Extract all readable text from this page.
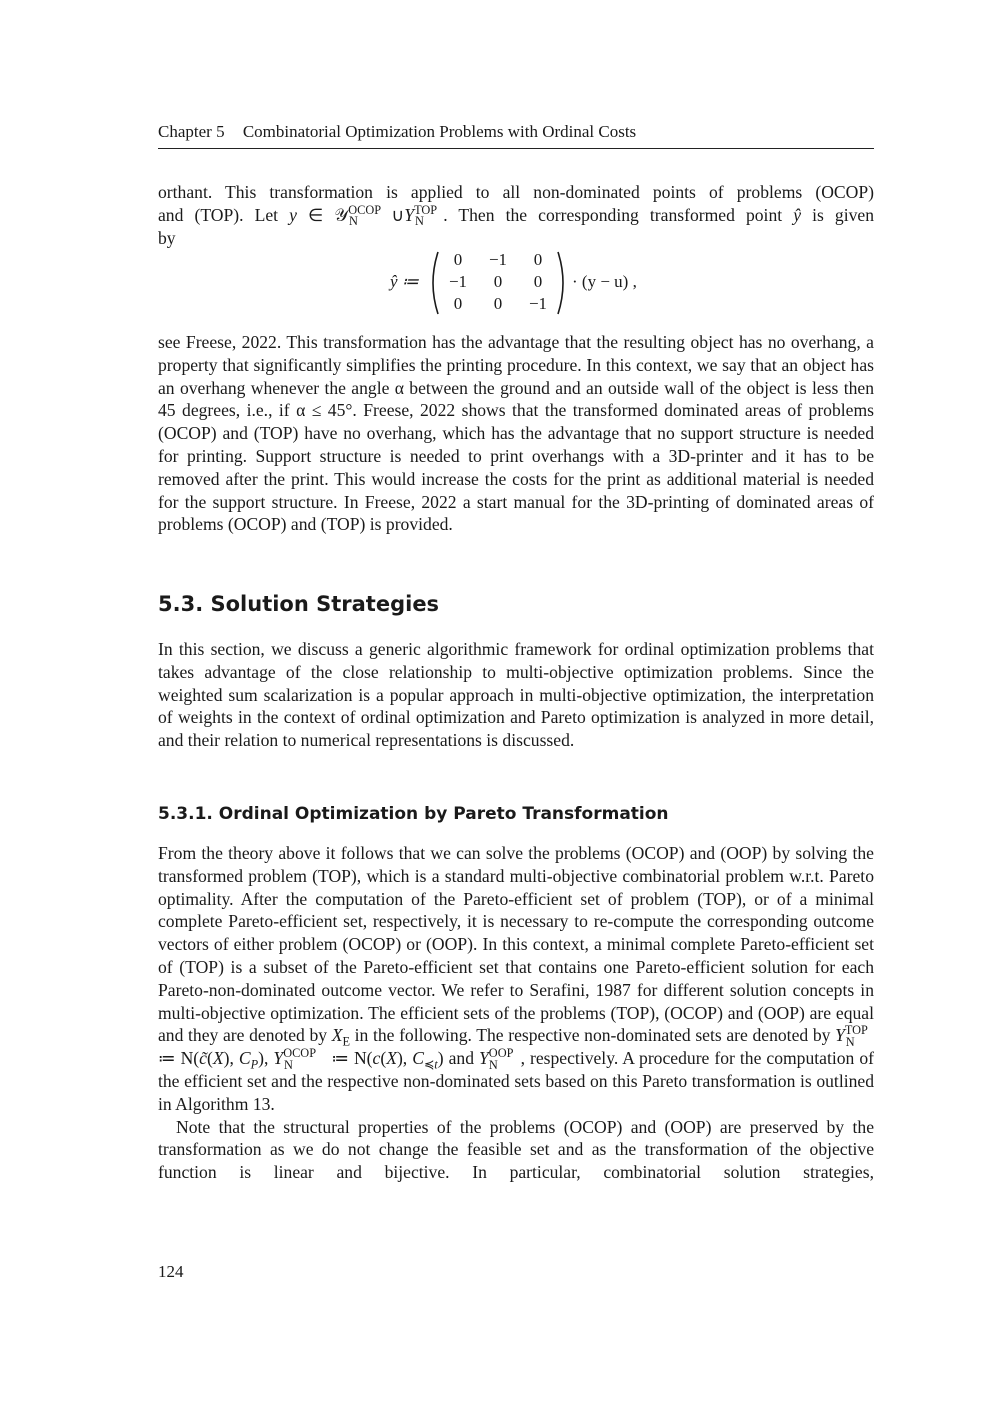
Chapter 5 Combinatorial Optimization Problems with Ordinal Costs

orthant. This transformation is applied to all non-dominated points of problems (OCOP)

and (TOP). Let y ∈ 𝒴$^{OCOP}_N$ $\cup Y^{TOP}_N$ . Then the corresponding transformed point ŷ is given

by

ŷ ≔
0	−1	0
−1	0	0
0	0	−1
· (y − u) ,

see Freese, 2022. This transformation has the advantage that the resulting object has no overhang, a property that significantly simplifies the printing procedure. In this context, we say that an object has an overhang whenever the angle α between the ground and an outside wall of the object is less then 45 degrees, i.e., if α ≤ 45°. Freese, 2022 shows that the transformed dominated areas of problems (OCOP) and (TOP) have no overhang, which has the advantage that no support structure is needed for printing. Support structure is needed to print overhangs with a 3D-printer and it has to be removed after the print. This would increase the costs for the print as additional material is needed for the support structure. In Freese, 2022 a start manual for the 3D-printing of dominated areas of problems (OCOP) and (TOP) is provided.

5.3. Solution Strategies

In this section, we discuss a generic algorithmic framework for ordinal optimization problems that takes advantage of the close relationship to multi-objective optimization problems. Since the weighted sum scalarization is a popular approach in multi-objective optimization, the interpretation of weights in the context of ordinal optimization and Pareto optimization is analyzed in more detail, and their relation to numerical representations is discussed.

5.3.1. Ordinal Optimization by Pareto Transformation

From the theory above it follows that we can solve the problems (OCOP) and (OOP) by solving the transformed problem (TOP), which is a standard multi-objective combinatorial problem w.r.t. Pareto optimality. After the computation of the Pareto-efficient set of problem (TOP), or of a minimal complete Pareto-efficient set, respectively, it is necessary to re-compute the corresponding outcome vectors of either problem (OCOP) or (OOP). In this context, a minimal complete Pareto-efficient set of (TOP) is a subset of the Pareto-efficient set that contains one Pareto-efficient solution for each Pareto-non-dominated outcome vector. We refer to Serafini, 1987 for different solution concepts in multi-objective optimization. The efficient sets of the problems (TOP), (OCOP) and (OOP) are equal and they are denoted by $X_E$ in the following. The respective non-dominated sets are denoted by $Y^{TOP}_N$ ≔ N(c̃(X), $C_P$), $Y^{OCOP}_N$ ≔ N(c(X), $C_{≼t}$) and $Y^{OOP}_N$ , respectively. A procedure for the computation of the efficient set and the respective non-dominated sets based on this Pareto transformation is outlined in Algorithm 13.

Note that the structural properties of the problems (OCOP) and (OOP) are preserved by the transformation as we do not change the feasible set and as the transformation of the objective function is linear and bijective. In particular, combinatorial solution strategies,

124
